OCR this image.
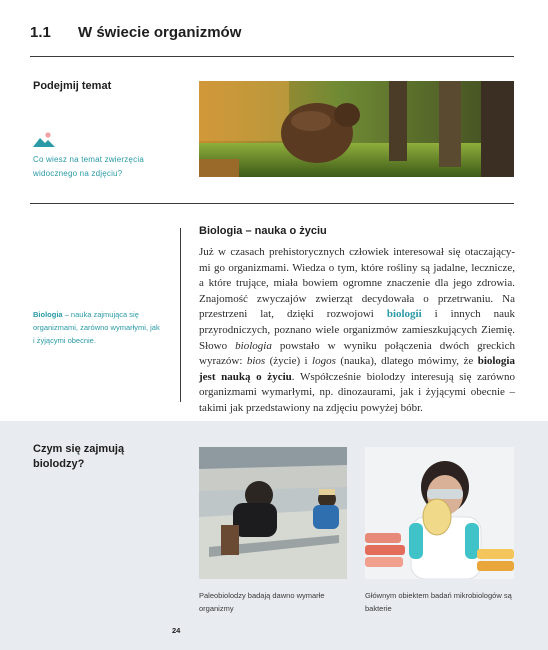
1.1 W świecie organizmów
Podejmij temat
Co wiesz na temat zwierzęcia widocznego na zdjęciu?
Biologia – nauka o życiu
Już w czasach prehistorycznych człowiek interesował się otaczający-mi go organizmami. Wiedza o tym, które rośliny są jadalne, lecznicze, a które trujące, miała bowiem ogromne znaczenie dla jego zdrowia. Znajomość zwyczajów zwierząt decydowała o przetrwaniu. Na przestrzeni lat, dzięki rozwojowi biologii i innych nauk przyrodniczych, poznano wiele organizmów zamieszkujących Ziemię. Słowo biologia powstało w wyniku połączenia dwóch greckich wyrazów: bios (życie) i logos (nauka), dlatego mówimy, że biologia jest nauką o życiu. Współcześnie biolodzy interesują się zarówno organizmami wymarłymi, np. dinozaurami, jak i żyjącymi obecnie – takimi jak przedstawiony na zdjęciu powyżej bóbr.
Biologia – nauka zajmująca się organizmami, zarówno wymarłymi, jak i żyjącymi obecnie.
Czym się zajmują biolodzy?
Paleobiolodzy badają dawno wymarłe organizmy
Głównym obiektem badań mikrobiologów są bakterie
24
